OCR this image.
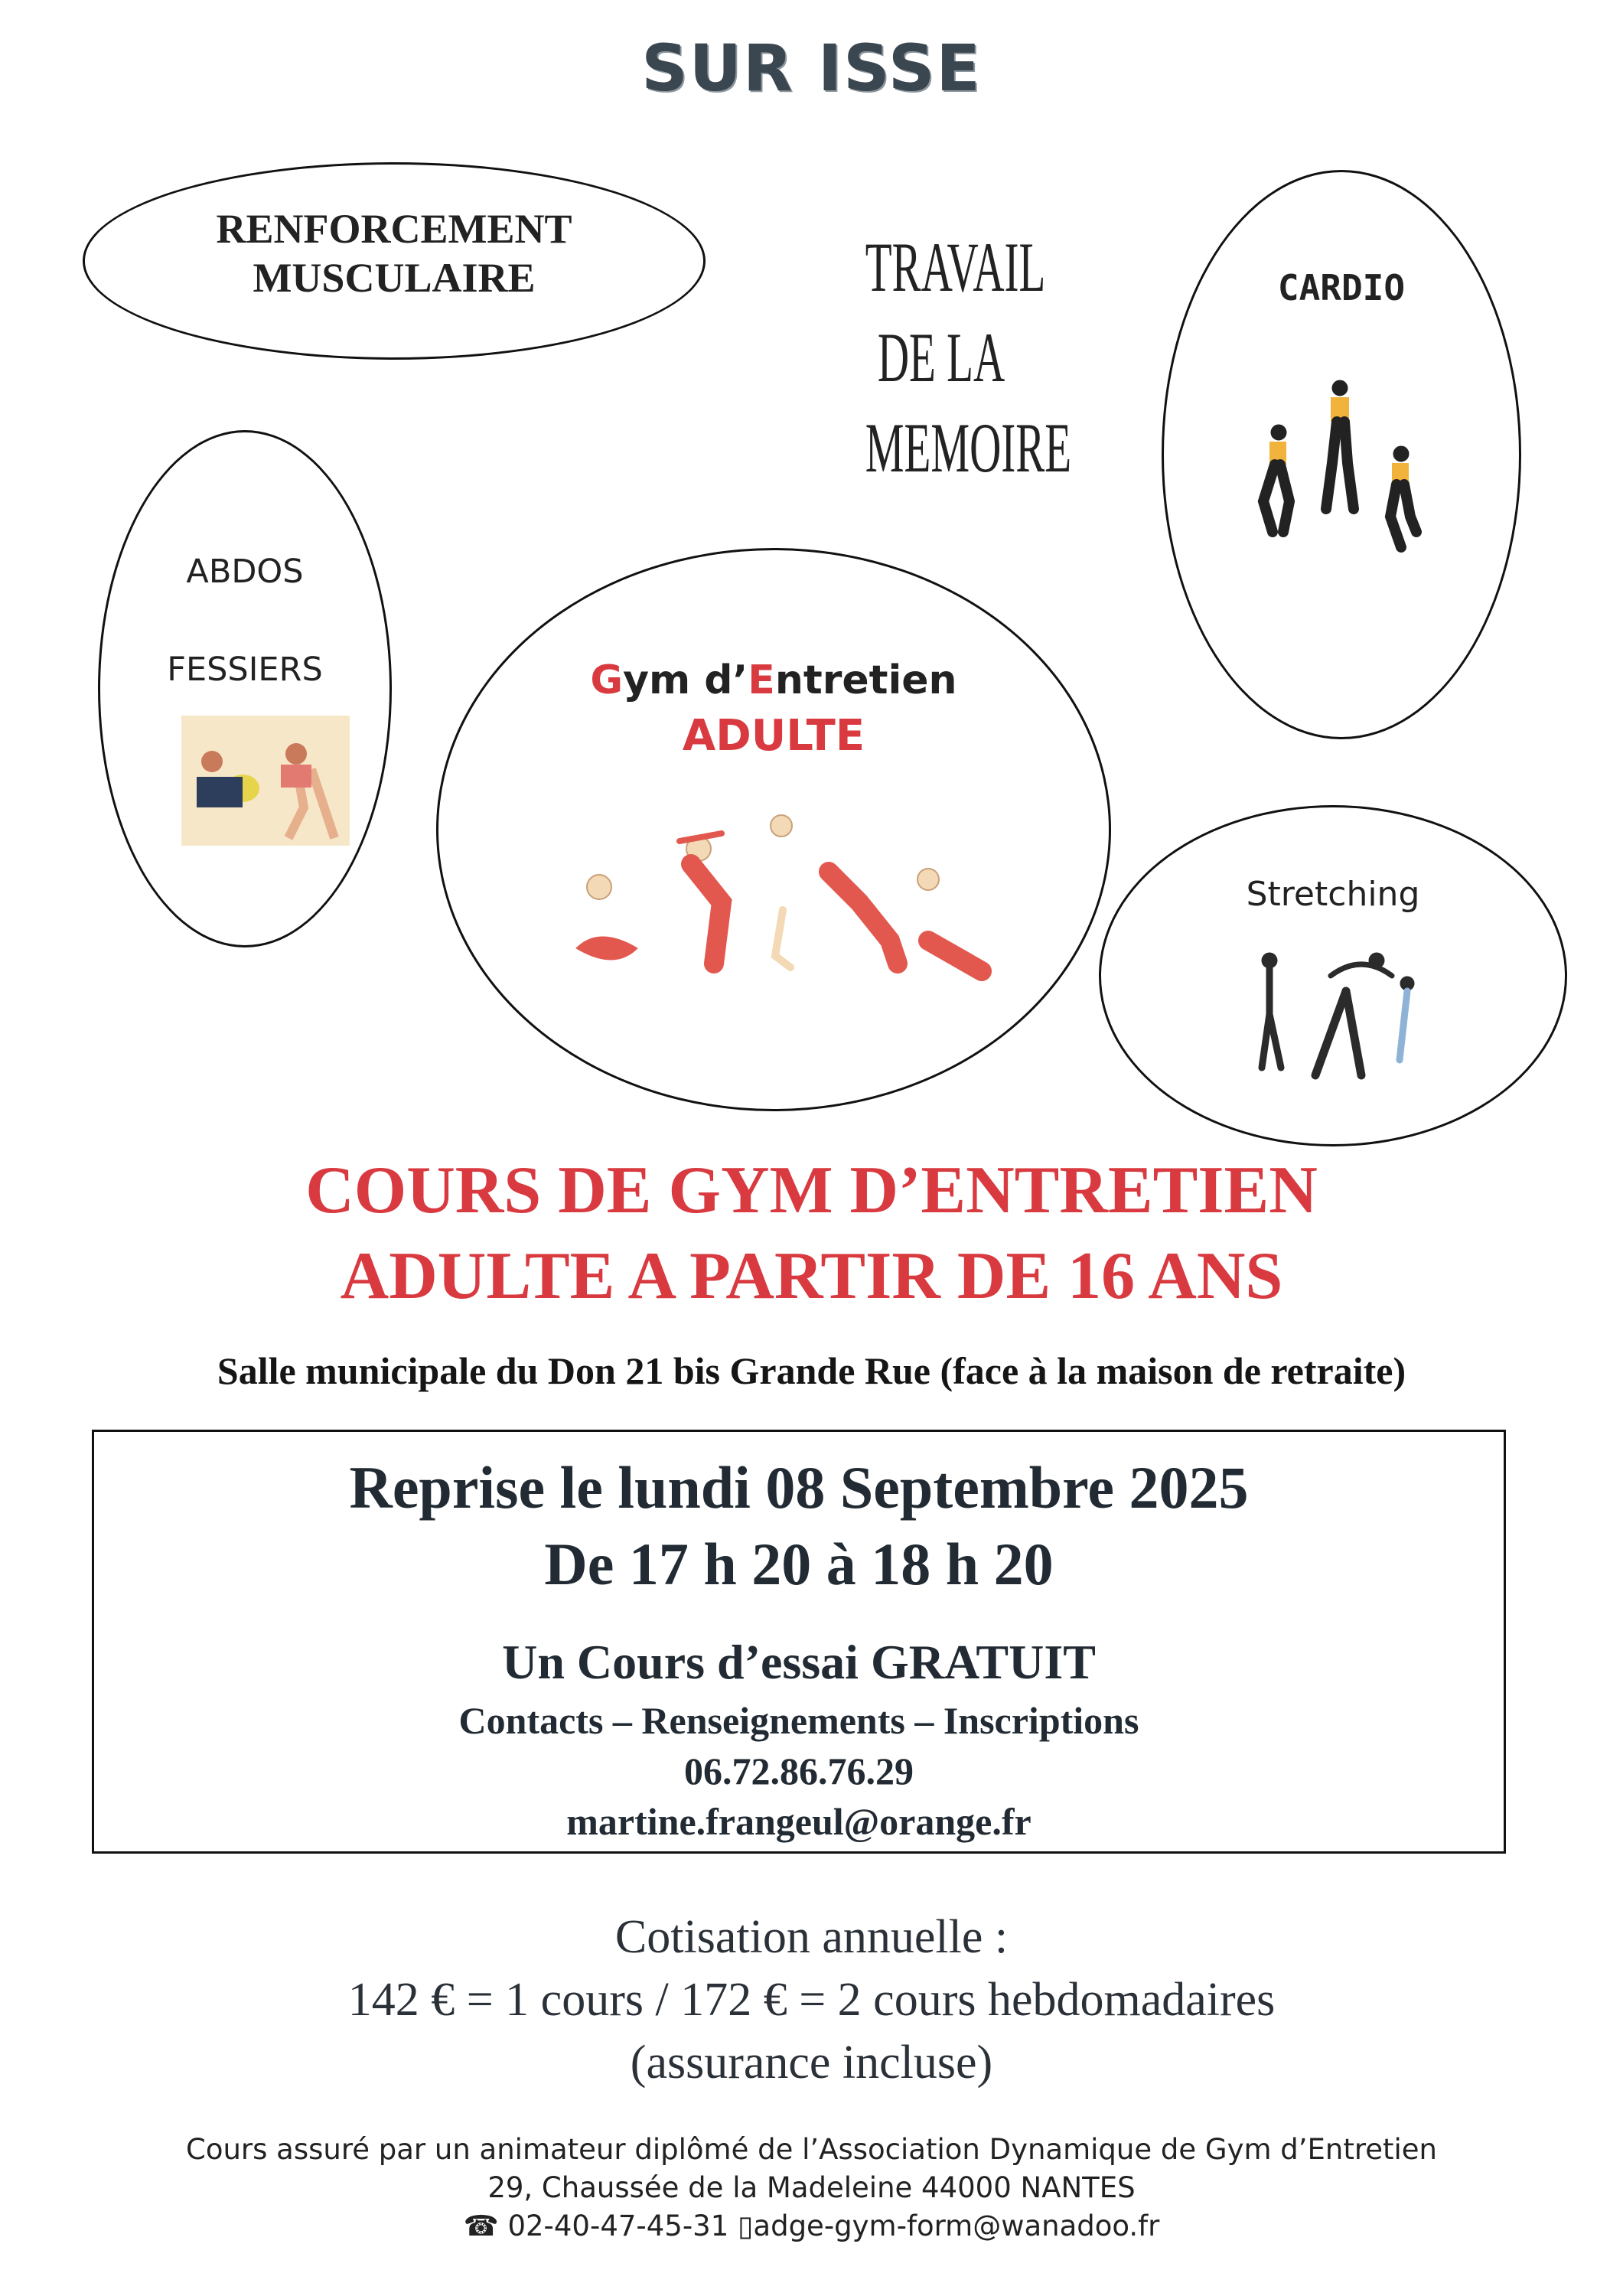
SUR ISSE
RENFORCEMENT
MUSCULAIRE	TRAVAIL
DE LA
MEMOIRE
CARDIO
ABDOS
FESSIERS	Gym d’Entretien
ADULTE
Stretching
COURS DE GYM D’ENTRETIEN
ADULTE A PARTIR DE 16 ANS
Salle municipale du Don 21 bis Grande Rue (face à la maison de retraite)
Reprise le lundi 08 Septembre 2025
De 17 h 20 à 18 h 20
Un Cours d’essai GRATUIT
Contacts – Renseignements – Inscriptions
06.72.86.76.29
martine.frangeul@orange.fr
Cotisation annuelle :
142 € = 1 cours / 172 € = 2 cours hebdomadaires
(assurance incluse)
Cours assuré par un animateur diplômé de l’Association Dynamique de Gym d’Entretien
29, Chaussée de la Madeleine 44000 NANTES
☎ 02-40-47-45-31 ▯adge-gym-form@wanadoo.fr
